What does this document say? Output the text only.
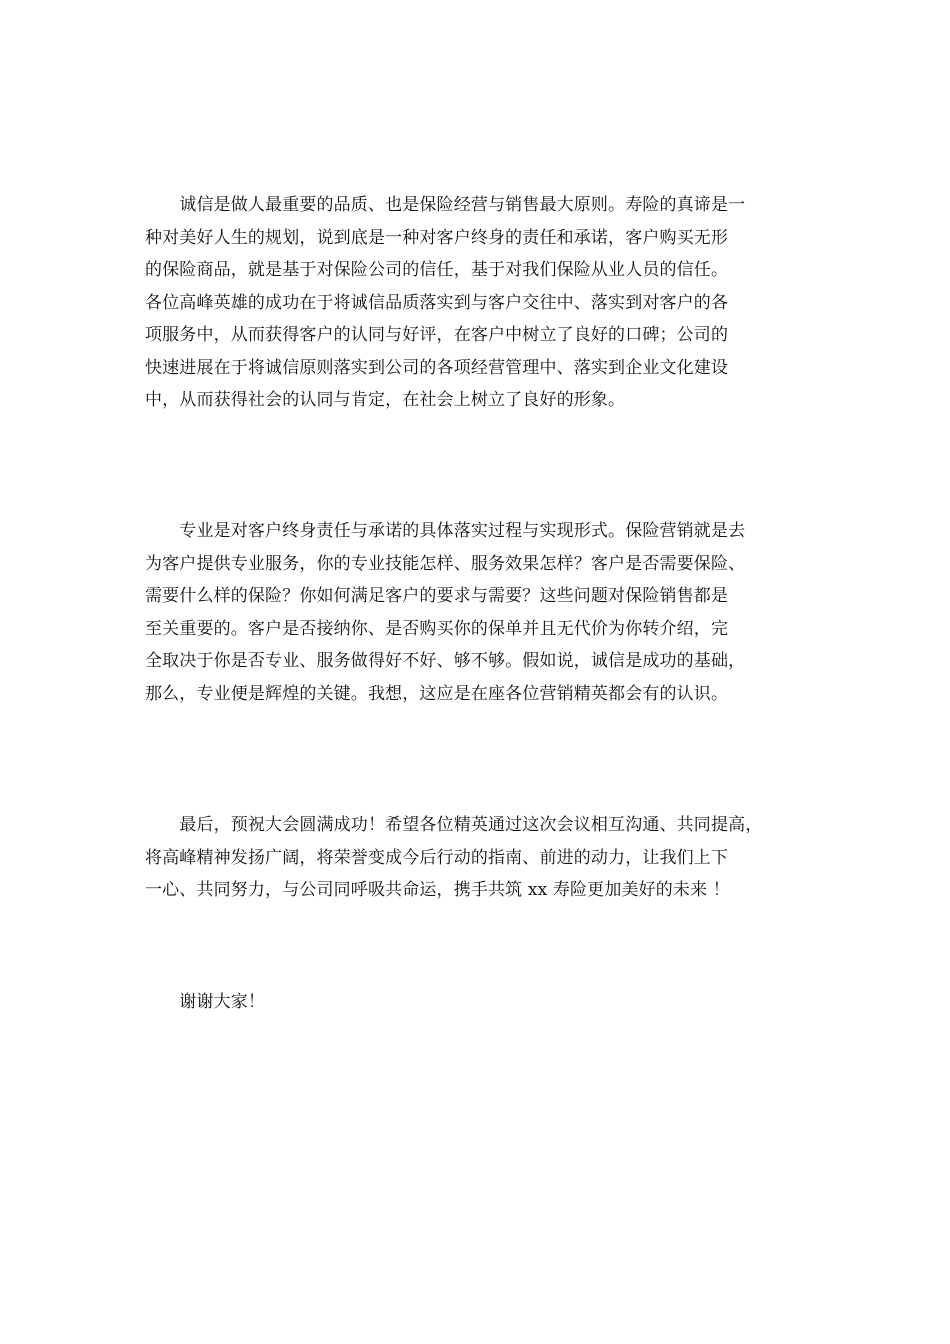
　　诚信是做人最重要的品质、也是保险经营与销售最大原则。寿险的真谛是一
种对美好人生的规划，说到底是一种对客户终身的责任和承诺，客户购买无形
的保险商品，就是基于对保险公司的信任，基于对我们保险从业人员的信任。
各位高峰英雄的成功在于将诚信品质落实到与客户交往中、落实到对客户的各
项服务中，从而获得客户的认同与好评，在客户中树立了良好的口碑；公司的
快速进展在于将诚信原则落实到公司的各项经营管理中、落实到企业文化建设
中，从而获得社会的认同与肯定，在社会上树立了良好的形象。

　　专业是对客户终身责任与承诺的具体落实过程与实现形式。保险营销就是去
为客户提供专业服务，你的专业技能怎样、服务效果怎样？客户是否需要保险、
需要什么样的保险？你如何满足客户的要求与需要？这些问题对保险销售都是
至关重要的。客户是否接纳你、是否购买你的保单并且无代价为你转介绍，完
全取决于你是否专业、服务做得好不好、够不够。假如说，诚信是成功的基础，
那么，专业便是辉煌的关键。我想，这应是在座各位营销精英都会有的认识。

　　最后，预祝大会圆满成功！希望各位精英通过这次会议相互沟通、共同提高，
将高峰精神发扬广阔，将荣誉变成今后行动的指南、前进的动力，让我们上下
一心、共同努力，与公司同呼吸共命运，携手共筑 xx 寿险更加美好的未来 ！

　　谢谢大家！
